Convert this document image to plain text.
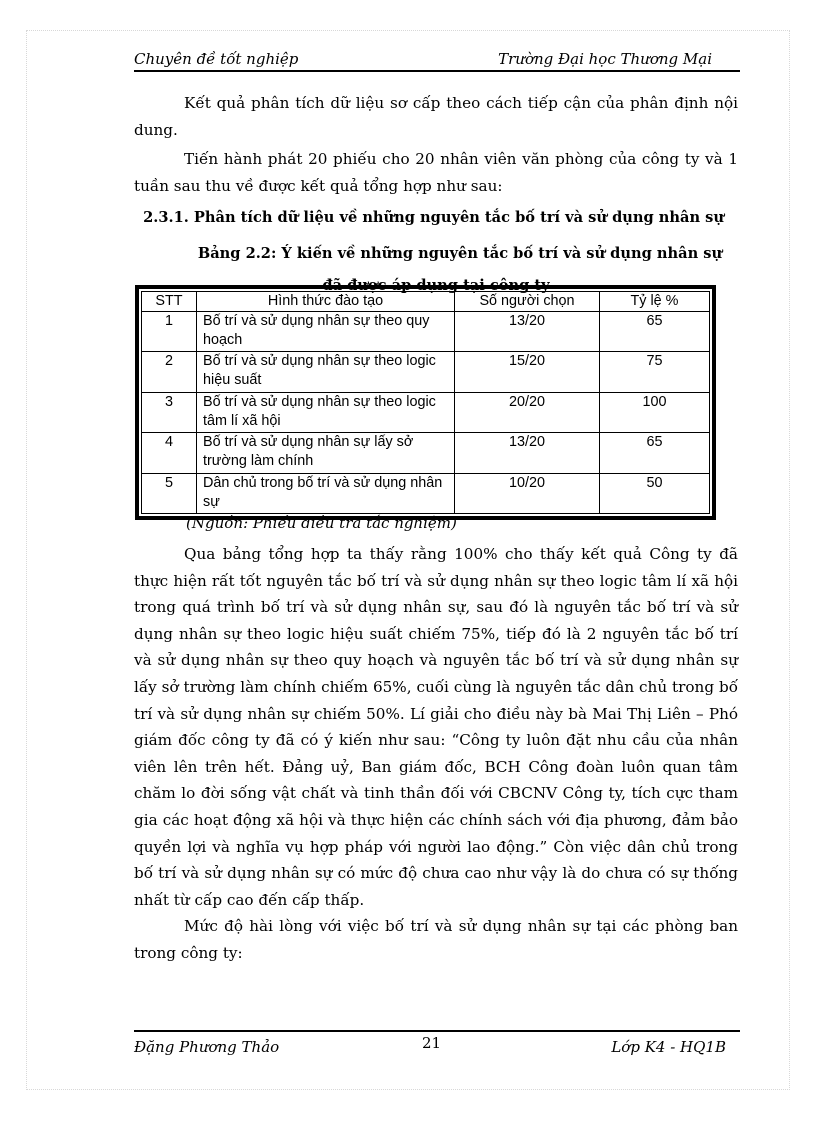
Chuyên đề tốt nghiệp	Trường Đại học Thương Mại

Kết quả phân tích dữ liệu sơ cấp theo cách tiếp cận của phân định nội dung.

Tiến hành phát 20 phiếu cho 20 nhân viên văn phòng của công ty và 1 tuần sau thu về được kết quả tổng hợp như sau:

2.3.1. Phân tích dữ liệu về những nguyên tắc bố trí và sử dụng nhân sự
Bảng 2.2: Ý kiến về những nguyên tắc bố trí và sử dụng nhân sự
đã được áp dụng tại công ty
STT	Hình thức đào tạo	Số người chọn	Tỷ lệ %
1	Bố trí và sử dụng nhân sự theo quy hoạch	13/20	65
2	Bố trí và sử dụng nhân sự theo logic hiệu suất	15/20	75
3	Bố trí và sử dụng nhân sự theo logic tâm lí xã hội	20/20	100
4	Bố trí và sử dụng nhân sự lấy sở trường làm chính	13/20	65
5	Dân chủ trong bố trí và sử dụng nhân sự	10/20	50
(Nguồn: Phiếu điều tra tắc nghiệm)

Qua bảng tổng hợp ta thấy rằng 100% cho thấy kết quả Công ty đã thực hiện rất tốt nguyên tắc bố trí và sử dụng nhân sự theo logic tâm lí xã hội trong quá trình bố trí và sử dụng nhân sự, sau đó là nguyên tắc bố trí và sử dụng nhân sự theo logic hiệu suất chiếm 75%, tiếp đó là 2 nguyên tắc bố trí và sử dụng nhân sự theo quy hoạch và nguyên tắc bố trí và sử dụng nhân sự lấy sở trường làm chính chiếm 65%, cuối cùng là nguyên tắc dân chủ trong bố trí và sử dụng nhân sự chiếm 50%. Lí giải cho điều này bà Mai Thị Liên – Phó giám đốc công ty đã có ý kiến như sau: “Công ty luôn đặt nhu cầu của nhân viên lên trên hết. Đảng uỷ, Ban giám đốc, BCH Công đoàn luôn quan tâm chăm lo đời sống vật chất và tinh thần đối với CBCNV Công ty, tích cực tham gia các hoạt động xã hội và thực hiện các chính sách với địa phương, đảm bảo quyền lợi và nghĩa vụ hợp pháp với người lao động.” Còn việc dân chủ trong bố trí và sử dụng nhân sự có mức độ chưa cao như vậy là do chưa có sự thống nhất từ cấp cao đến cấp thấp.

Mức độ hài lòng với việc bố trí và sử dụng nhân sự tại các phòng ban trong công ty:

Đặng Phương Thảo	21	Lớp K4 - HQ1B
